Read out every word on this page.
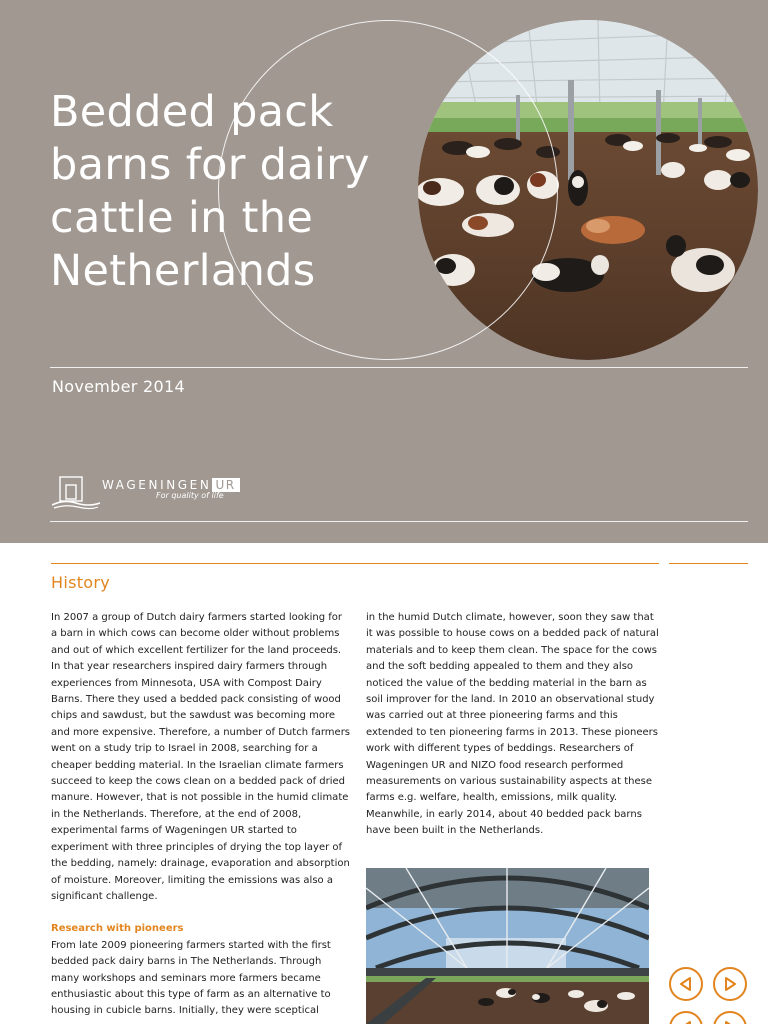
Bedded pack barns for dairy cattle in the Netherlands
November 2014
WAGENINGEN UR
For quality of life
History

In 2007 a group of Dutch dairy farmers started looking for a barn in which cows can become older without problems and out of which excellent fertilizer for the land proceeds. In that year researchers inspired dairy farmers through experiences from Minnesota, USA with Compost Dairy Barns. There they used a bedded pack consisting of wood chips and sawdust, but the sawdust was becoming more and more expensive. Therefore, a number of Dutch farmers went on a study trip to Israel in 2008, searching for a cheaper bedding material. In the Israelian climate farmers succeed to keep the cows clean on a bedded pack of dried manure. However, that is not possible in the humid climate in the Netherlands. Therefore, at the end of 2008, experimental farms of Wageningen UR started to experiment with three principles of drying the top layer of the bedding, namely: drainage, evaporation and absorption of moisture. Moreover, limiting the emissions was also a significant challenge.

Research with pioneers

From late 2009 pioneering farmers started with the first bedded pack dairy barns in The Netherlands. Through many workshops and seminars more farmers became enthusiastic about this type of farm as an alternative to housing in cubicle barns. Initially, they were sceptical

in the humid Dutch climate, however, soon they saw that it was possible to house cows on a bedded pack of natural materials and to keep them clean. The space for the cows and the soft bedding appealed to them and they also noticed the value of the bedding material in the barn as soil improver for the land. In 2010 an observational study was carried out at three pioneering farms and this extended to ten pioneering farms in 2013. These pioneers work with different types of beddings. Researchers of Wageningen UR and NIZO food research performed measurements on various sustainability aspects at these farms e.g. welfare, health, emissions, milk quality. Meanwhile, in early 2014, about 40 bedded pack barns have been built in the Netherlands.
